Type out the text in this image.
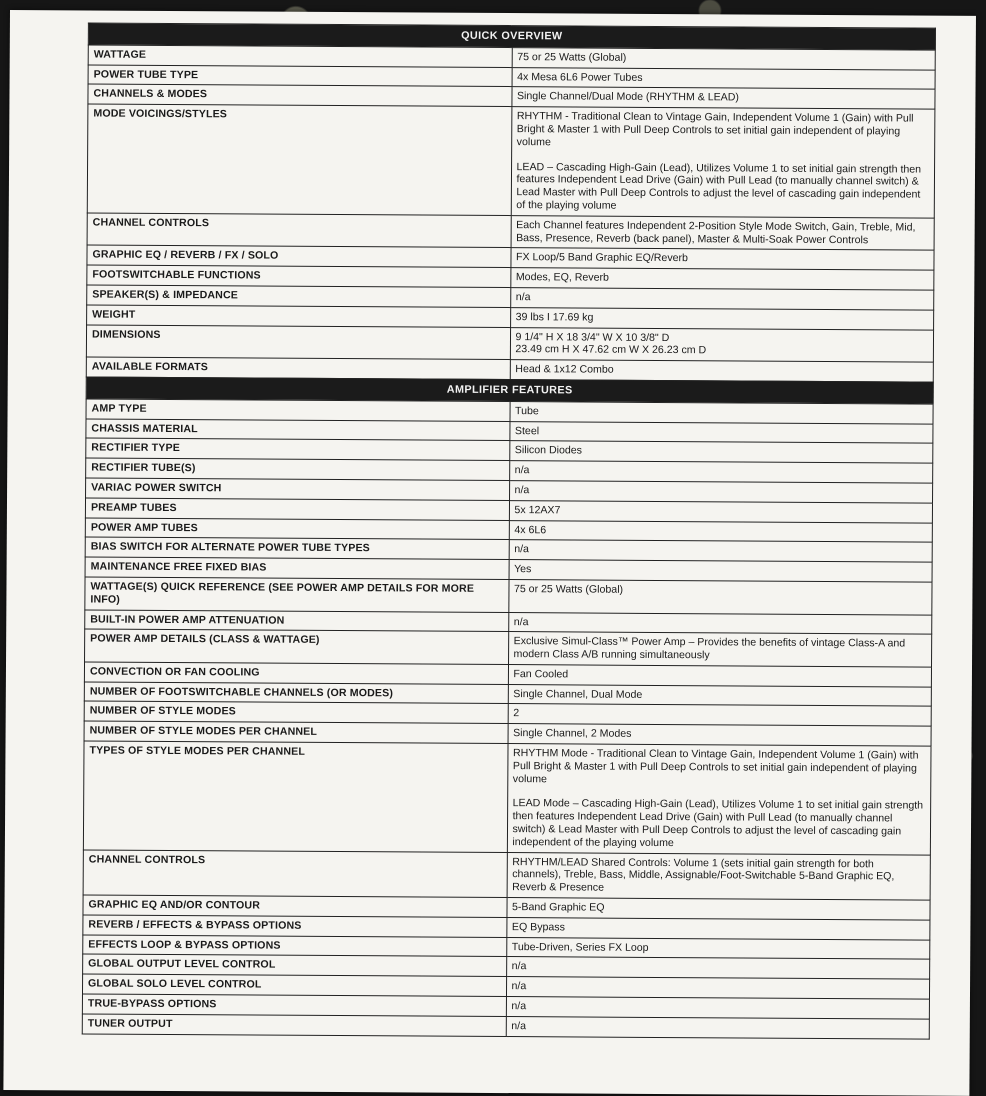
QUICK OVERVIEW	
WATTAGE	75 or 25 Watts (Global)

POWER TUBE TYPE	4x Mesa 6L6 Power Tubes

CHANNELS & MODES	Single Channel/Dual Mode (RHYTHM & LEAD)

MODE VOICINGS/STYLES	RHYTHM - Traditional Clean to Vintage Gain, Independent Volume 1 (Gain) with Pull Bright & Master 1 with Pull Deep Controls to set initial gain independent of playing volume
LEAD – Cascading High-Gain (Lead), Utilizes Volume 1 to set initial gain strength then features Independent Lead Drive (Gain) with Pull Lead (to manually channel switch) & Lead Master with Pull Deep Controls to adjust the level of cascading gain independent of the playing volume

CHANNEL CONTROLS	Each Channel features Independent 2-Position Style Mode Switch, Gain, Treble, Mid, Bass, Presence, Reverb (back panel), Master & Multi-Soak Power Controls

GRAPHIC EQ / REVERB / FX / SOLO	FX Loop/5 Band Graphic EQ/Reverb

FOOTSWITCHABLE FUNCTIONS	Modes, EQ, Reverb

SPEAKER(S) & IMPEDANCE	n/a

WEIGHT	39 lbs I 17.69 kg

DIMENSIONS	9 1/4" H X 18 3/4" W X 10 3/8" D
23.49 cm H X 47.62 cm W X 26.23 cm D

AVAILABLE FORMATS	Head & 1x12 Combo

AMPLIFIER FEATURES	
AMP TYPE	Tube

CHASSIS MATERIAL	Steel

RECTIFIER TYPE	Silicon Diodes

RECTIFIER TUBE(S)	n/a

VARIAC POWER SWITCH	n/a

PREAMP TUBES	5x 12AX7

POWER AMP TUBES	4x 6L6

BIAS SWITCH FOR ALTERNATE POWER TUBE TYPES	n/a

MAINTENANCE FREE FIXED BIAS	Yes

WATTAGE(S) QUICK REFERENCE (SEE POWER AMP DETAILS FOR MORE INFO)	75 or 25 Watts (Global)

BUILT-IN POWER AMP ATTENUATION	n/a

POWER AMP DETAILS (CLASS & WATTAGE)	Exclusive Simul-Class™ Power Amp – Provides the benefits of vintage Class-A and modern Class A/B running simultaneously

CONVECTION OR FAN COOLING	Fan Cooled

NUMBER OF FOOTSWITCHABLE CHANNELS (OR MODES)	Single Channel, Dual Mode

NUMBER OF STYLE MODES	2

NUMBER OF STYLE MODES PER CHANNEL	Single Channel, 2 Modes

TYPES OF STYLE MODES PER CHANNEL	RHYTHM Mode - Traditional Clean to Vintage Gain, Independent Volume 1 (Gain) with Pull Bright & Master 1 with Pull Deep Controls to set initial gain independent of playing volume
LEAD Mode – Cascading High-Gain (Lead), Utilizes Volume 1 to set initial gain strength then features Independent Lead Drive (Gain) with Pull Lead (to manually channel switch) & Lead Master with Pull Deep Controls to adjust the level of cascading gain independent of the playing volume

CHANNEL CONTROLS	RHYTHM/LEAD Shared Controls: Volume 1 (sets initial gain strength for both channels), Treble, Bass, Middle, Assignable/Foot-Switchable 5-Band Graphic EQ, Reverb & Presence

GRAPHIC EQ AND/OR CONTOUR	5-Band Graphic EQ

REVERB / EFFECTS & BYPASS OPTIONS	EQ Bypass

EFFECTS LOOP & BYPASS OPTIONS	Tube-Driven, Series FX Loop

GLOBAL OUTPUT LEVEL CONTROL	n/a

GLOBAL SOLO LEVEL CONTROL	n/a

TRUE-BYPASS OPTIONS	n/a

TUNER OUTPUT	n/a
